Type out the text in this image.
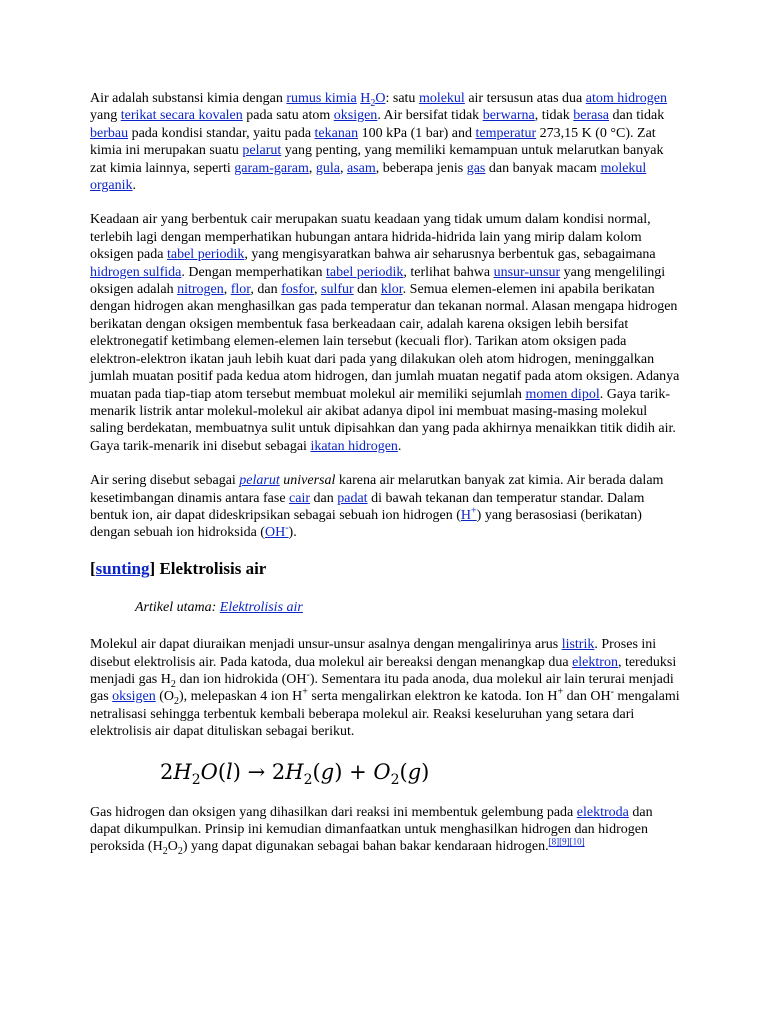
Air adalah substansi kimia dengan rumus kimia $H_2O$: satu molekul air tersusun atas dua atom hidrogen yang terikat secara kovalen pada satu atom oksigen. Air bersifat tidak berwarna, tidak berasa dan tidak berbau pada kondisi standar, yaitu pada tekanan 100 kPa (1 bar) and temperatur 273,15 K (0 °C). Zat kimia ini merupakan suatu pelarut yang penting, yang memiliki kemampuan untuk melarutkan banyak zat kimia lainnya, seperti garam-garam, gula, asam, beberapa jenis gas dan banyak macam molekul organik.

Keadaan air yang berbentuk cair merupakan suatu keadaan yang tidak umum dalam kondisi normal, terlebih lagi dengan memperhatikan hubungan antara hidrida-hidrida lain yang mirip dalam kolom oksigen pada tabel periodik, yang mengisyaratkan bahwa air seharusnya berbentuk gas, sebagaimana hidrogen sulfida. Dengan memperhatikan tabel periodik, terlihat bahwa unsur-unsur yang mengelilingi oksigen adalah nitrogen, flor, dan fosfor, sulfur dan klor. Semua elemen-elemen ini apabila berikatan dengan hidrogen akan menghasilkan gas pada temperatur dan tekanan normal. Alasan mengapa hidrogen berikatan dengan oksigen membentuk fasa berkeadaan cair, adalah karena oksigen lebih bersifat elektronegatif ketimbang elemen-elemen lain tersebut (kecuali flor). Tarikan atom oksigen pada elektron-elektron ikatan jauh lebih kuat dari pada yang dilakukan oleh atom hidrogen, meninggalkan jumlah muatan positif pada kedua atom hidrogen, dan jumlah muatan negatif pada atom oksigen. Adanya muatan pada tiap-tiap atom tersebut membuat molekul air memiliki sejumlah momen dipol. Gaya tarik-menarik listrik antar molekul-molekul air akibat adanya dipol ini membuat masing-masing molekul saling berdekatan, membuatnya sulit untuk dipisahkan dan yang pada akhirnya menaikkan titik didih air. Gaya tarik-menarik ini disebut sebagai ikatan hidrogen.

Air sering disebut sebagai pelarut universal karena air melarutkan banyak zat kimia. Air berada dalam kesetimbangan dinamis antara fase cair dan padat di bawah tekanan dan temperatur standar. Dalam bentuk ion, air dapat dideskripsikan sebagai sebuah ion hidrogen (H+) yang berasosiasi (berikatan) dengan sebuah ion hidroksida (OH-).

[sunting] Elektrolisis air

Artikel utama: Elektrolisis air

Molekul air dapat diuraikan menjadi unsur-unsur asalnya dengan mengalirinya arus listrik. Proses ini disebut elektrolisis air. Pada katoda, dua molekul air bereaksi dengan menangkap dua elektron, tereduksi menjadi gas $H_2$ dan ion hidrokida (OH-). Sementara itu pada anoda, dua molekul air lain terurai menjadi gas oksigen $(O_2)$, melepaskan 4 ion H+ serta mengalirkan elektron ke katoda. Ion H+ dan OH- mengalami netralisasi sehingga terbentuk kembali beberapa molekul air. Reaksi keseluruhan yang setara dari elektrolisis air dapat dituliskan sebagai berikut.

$2H_2O(l) \to 2H_2(g) + O_2(g)$

Gas hidrogen dan oksigen yang dihasilkan dari reaksi ini membentuk gelembung pada elektroda dan dapat dikumpulkan. Prinsip ini kemudian dimanfaatkan untuk menghasilkan hidrogen dan hidrogen peroksida $(H_2O_2)$ yang dapat digunakan sebagai bahan bakar kendaraan hidrogen.[8][9][10]
